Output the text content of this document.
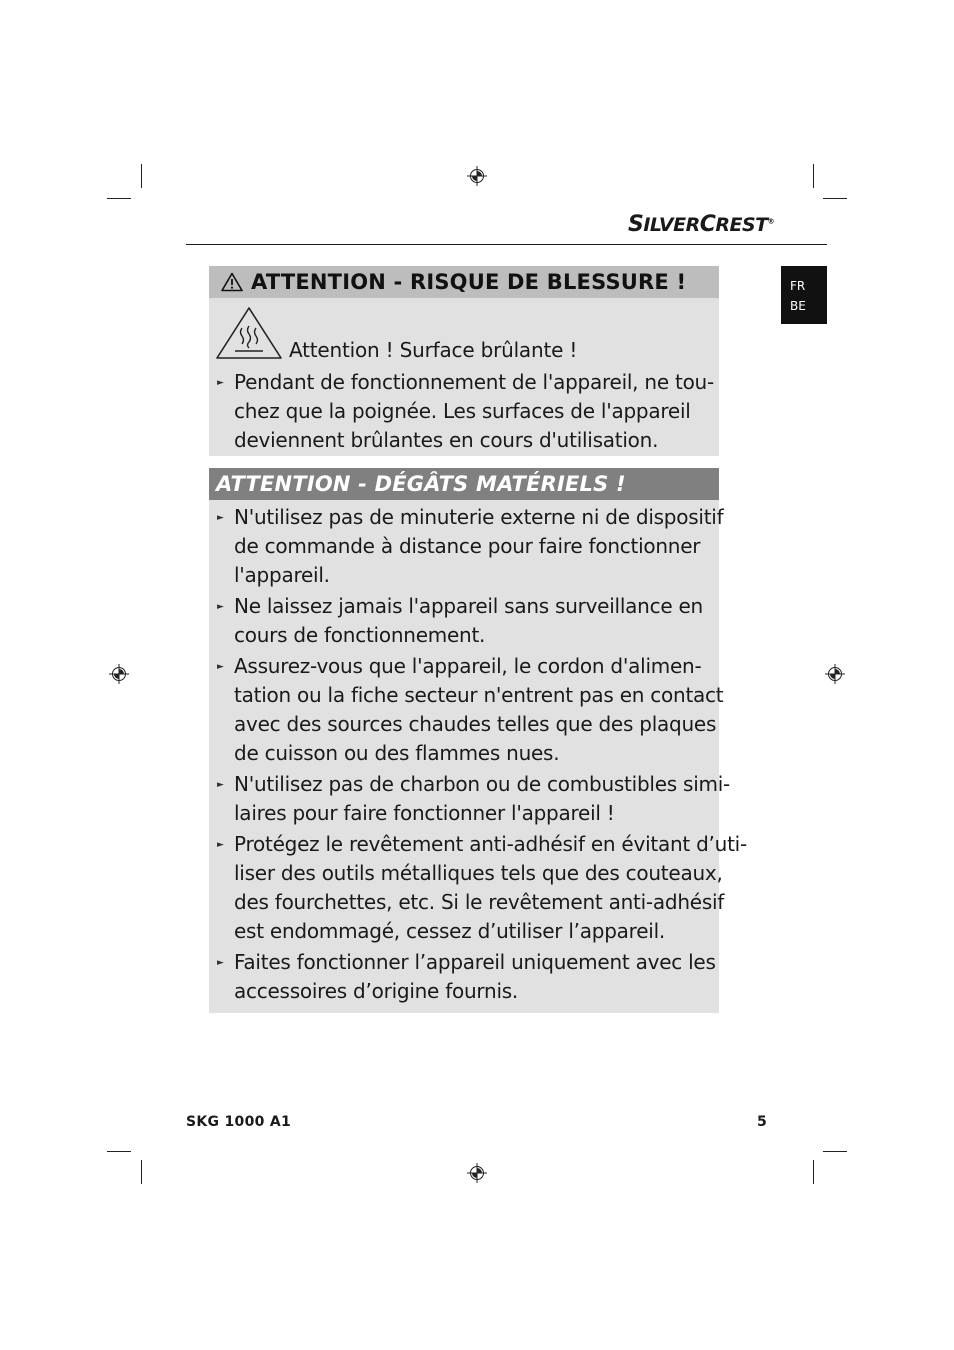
SILVERCREST®
FR
BE
ATTENTION - RISQUE DE BLESSURE !
Attention ! Surface brûlante !
► Pendant de fonctionnement de l'appareil, ne tou-
chez que la poignée. Les surfaces de l'appareil
deviennent brûlantes en cours d'utilisation.
ATTENTION - DÉGÂTS MATÉRIELS !
► N'utilisez pas de minuterie externe ni de dispositif
de commande à distance pour faire fonctionner
l'appareil.
► Ne laissez jamais l'appareil sans surveillance en
cours de fonctionnement.
► Assurez-vous que l'appareil, le cordon d'alimen-
tation ou la fiche secteur n'entrent pas en contact
avec des sources chaudes telles que des plaques
de cuisson ou des flammes nues.
► N'utilisez pas de charbon ou de combustibles simi-
laires pour faire fonctionner l'appareil !
► Protégez le revêtement anti-adhésif en évitant d’uti-
liser des outils métalliques tels que des couteaux,
des fourchettes, etc. Si le revêtement anti-adhésif
est endommagé, cessez d’utiliser l’appareil.
► Faites fonctionner l’appareil uniquement avec les
accessoires d’origine fournis.
SKG 1000 A1	5
